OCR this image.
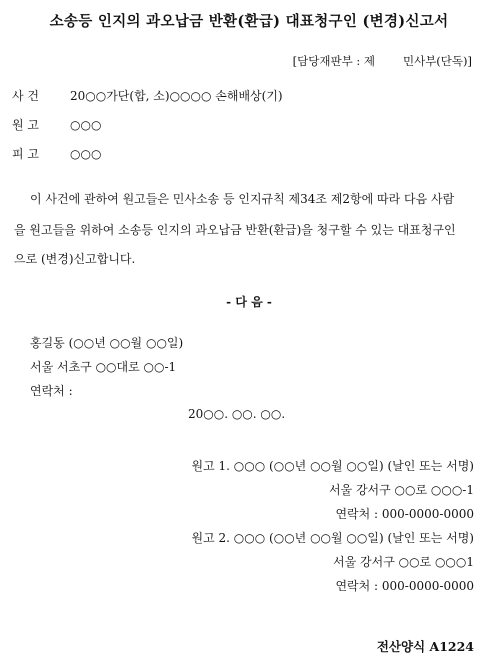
소송등 인지의 과오납금 반환(환급) 대표청구인 (변경)신고서
[담당재판부 : 제 민사부(단독)]
사 건	20○○가단(합, 소)○○○○ 손해배상(기)
원 고	○○○
피 고	○○○
이 사건에 관하여 원고들은 민사소송 등 인지규칙 제34조 제2항에 따라 다음 사람
을 원고들을 위하여 소송등 인지의 과오납금 반환(환급)을 청구할 수 있는 대표청구인
으로 (변경)신고합니다.
- 다 음 -
홍길동 (○○년 ○○월 ○○일)
서울 서초구 ○○대로 ○○-1
연락처 :
20○○. ○○. ○○.
원고 1. ○○○ (○○년 ○○월 ○○일) (날인 또는 서명)
서울 강서구 ○○로 ○○○-1
연락처 : 000-0000-0000
원고 2. ○○○ (○○년 ○○월 ○○일) (날인 또는 서명)
서울 강서구 ○○로 ○○○1
연락처 : 000-0000-0000
전산양식 A1224
